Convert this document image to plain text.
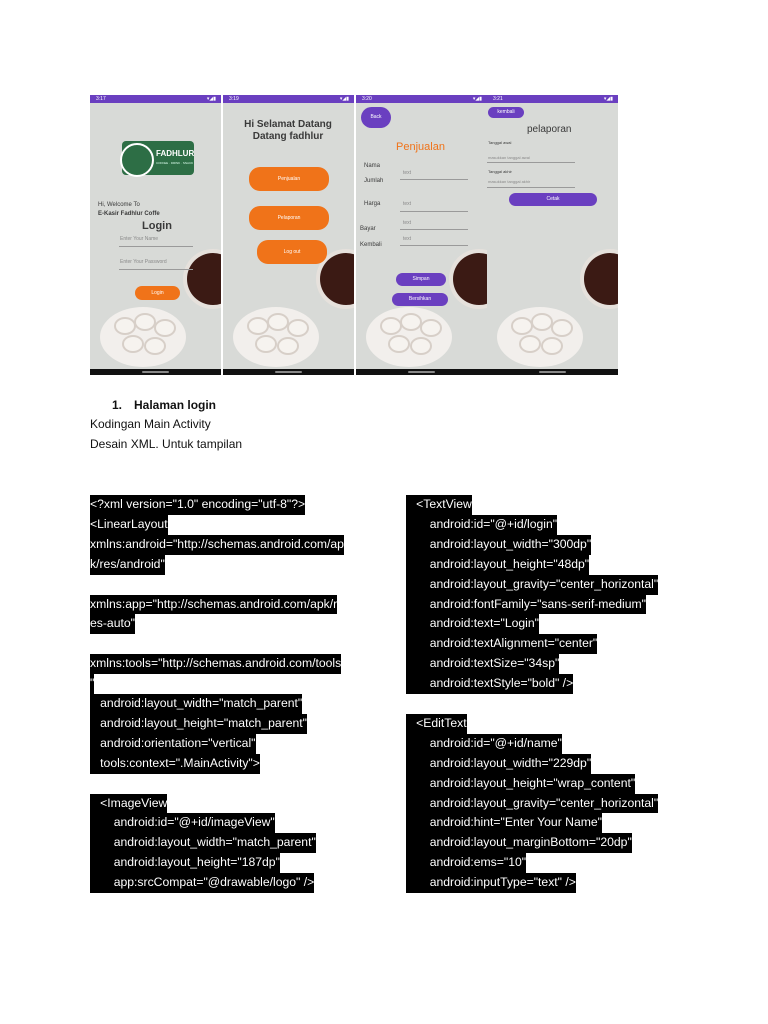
3:17	▾◢▮
FADHLUR
COFFEE · DRINK · SNACK
Hi, Welcome To
E-Kasir Fadhlur Coffe
Login
Enter Your Name
Enter Your Password
Login
3:19	▾◢▮
Hi Selamat Datang Datang fadhlur
Penjualan
Pelaporan
Log out
3:20	▾◢▮
Back
Penjualan
Nama
Jumlah
Harga
Bayar
Kembali
text
text
text
text
Simpan
Bersihkan
3:21	▾◢▮
kembali
pelaporan
Tanggal awal
masukkan tanggal awal
Tanggal akhir
masukkan tanggal akhir
Cetak
1. Halaman login
Kodingan Main Activity
Desain XML. Untuk tampilan
<?xml version="1.0" encoding="utf-8"?>
<LinearLayout
xmlns:android="http://schemas.android.com/ap
k/res/android"
xmlns:app="http://schemas.android.com/apk/r
es-auto"
xmlns:tools="http://schemas.android.com/tools
"
android:layout_width="match_parent"
android:layout_height="match_parent"
android:orientation="vertical"
tools:context=".MainActivity">
<ImageView
android:id="@+id/imageView"
android:layout_width="match_parent"
android:layout_height="187dp"
app:srcCompat="@drawable/logo" />
<TextView
android:id="@+id/login"
android:layout_width="300dp"
android:layout_height="48dp"
android:layout_gravity="center_horizontal"
android:fontFamily="sans-serif-medium"
android:text="Login"
android:textAlignment="center"
android:textSize="34sp"
android:textStyle="bold" />
<EditText
android:id="@+id/name"
android:layout_width="229dp"
android:layout_height="wrap_content"
android:layout_gravity="center_horizontal"
android:hint="Enter Your Name"
android:layout_marginBottom="20dp"
android:ems="10"
android:inputType="text" />
